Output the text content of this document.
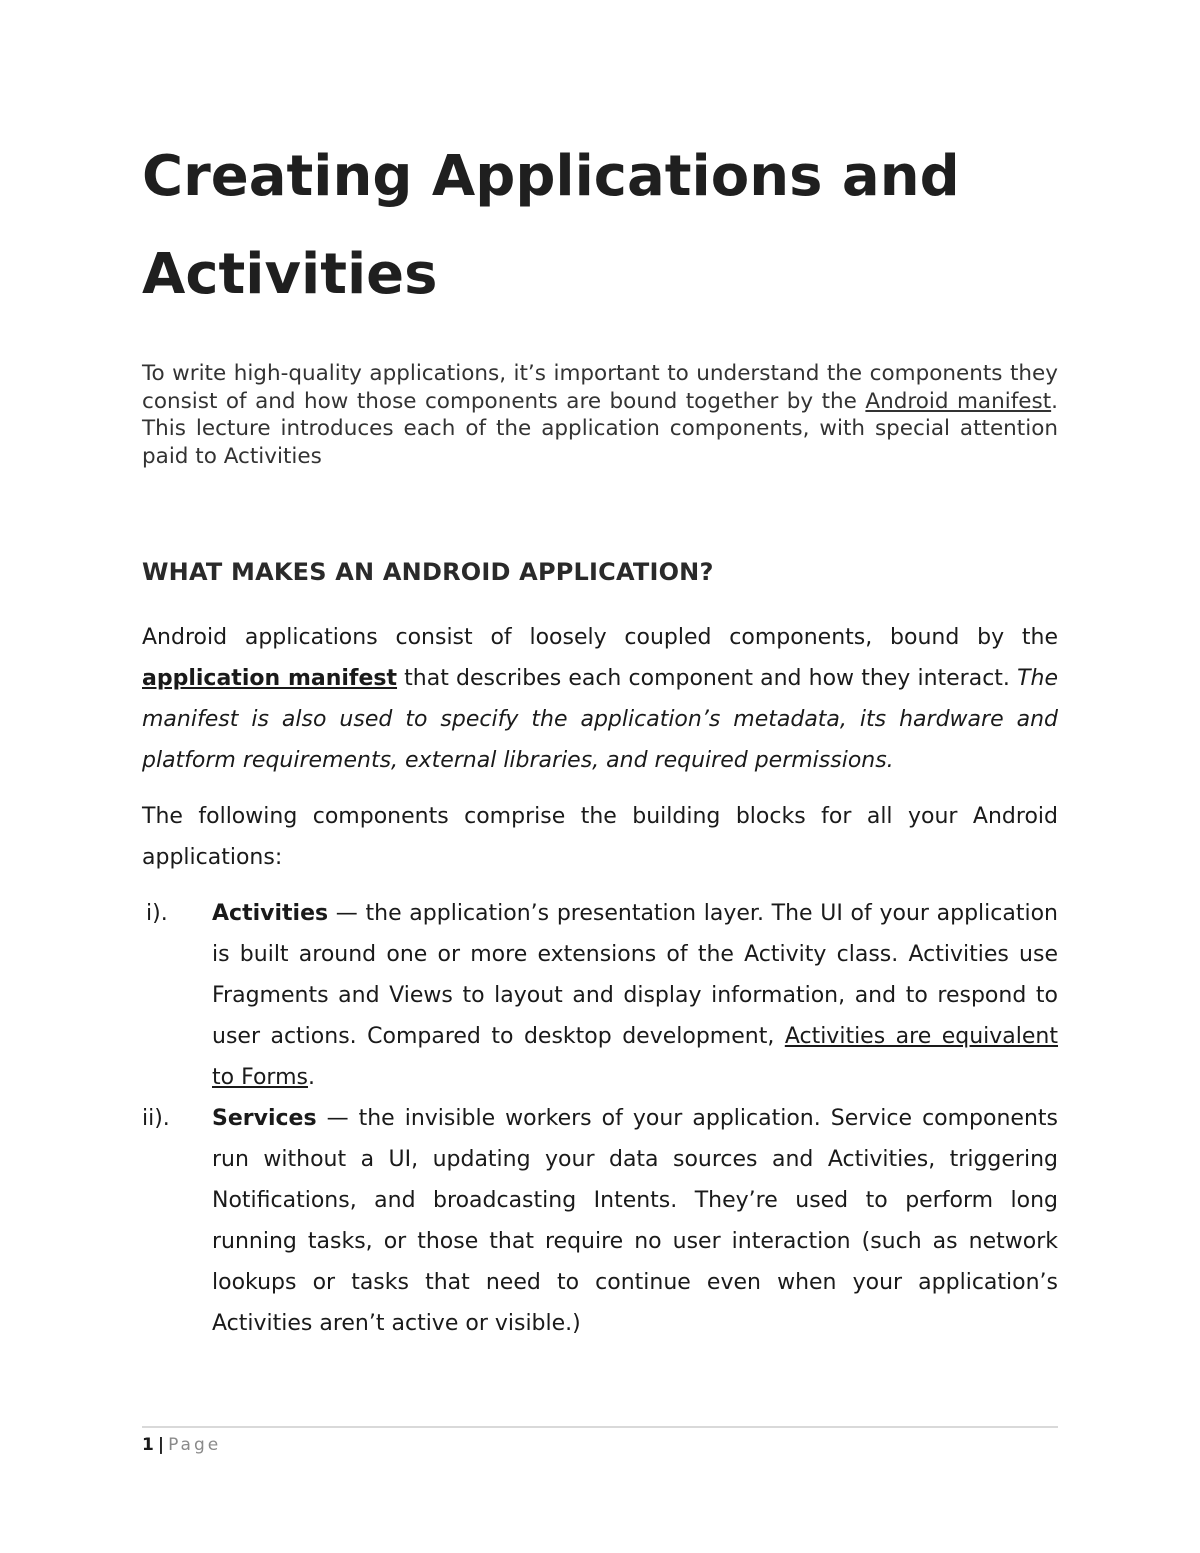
Creating Applications and
Activities

To write high-quality applications, it’s important to understand the components they consist of and how those components are bound together by the Android manifest. This lecture introduces each of the application components, with special attention paid to Activities

WHAT MAKES AN ANDROID APPLICATION?

Android applications consist of loosely coupled components, bound by the application manifest that describes each component and how they interact. The manifest is also used to specify the application’s metadata, its hardware and platform requirements, external libraries, and required permissions.

The following components comprise the building blocks for all your Android applications:

i). Activities — the application’s presentation layer. The UI of your application is built around one or more extensions of the Activity class. Activities use Fragments and Views to layout and display information, and to respond to user actions. Compared to desktop development, Activities are equivalent to Forms.
ii). Services — the invisible workers of your application. Service components run without a UI, updating your data sources and Activities, triggering Notifications, and broadcasting Intents. They’re used to perform long running tasks, or those that require no user interaction (such as network lookups or tasks that need to continue even when your application’s Activities aren’t active or visible.)
1 | Page
